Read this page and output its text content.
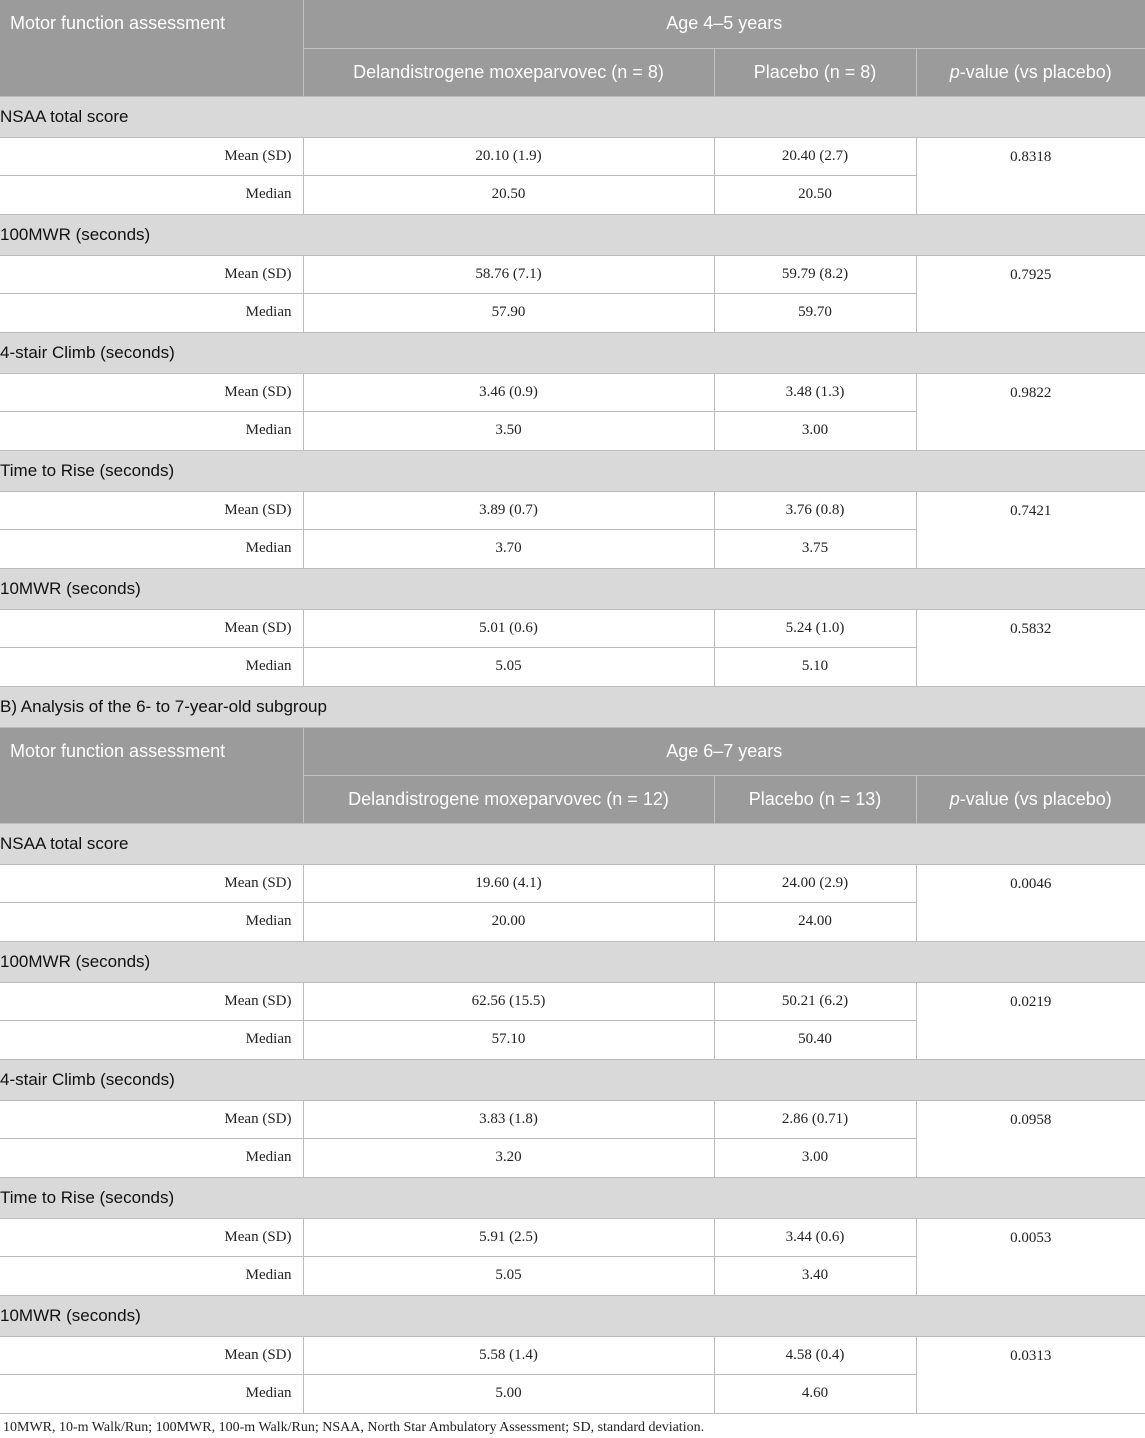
Motor function assessment	Age 4–5 years		
	Delandistrogene moxeparvovec (n = 8)	Placebo (n = 8)	p-value (vs placebo)
NSAA total score			
Mean (SD)	20.10 (1.9)	20.40 (2.7)	0.8318
Median	20.50	20.50	
100MWR (seconds)			
Mean (SD)	58.76 (7.1)	59.79 (8.2)	0.7925
Median	57.90	59.70	
4-stair Climb (seconds)			
Mean (SD)	3.46 (0.9)	3.48 (1.3)	0.9822
Median	3.50	3.00	
Time to Rise (seconds)			
Mean (SD)	3.89 (0.7)	3.76 (0.8)	0.7421
Median	3.70	3.75	
10MWR (seconds)			
Mean (SD)	5.01 (0.6)	5.24 (1.0)	0.5832
Median	5.05	5.10	
B) Analysis of the 6- to 7-year-old subgroup			
Motor function assessment	Age 6–7 years		
	Delandistrogene moxeparvovec (n = 12)	Placebo (n = 13)	p-value (vs placebo)
NSAA total score			
Mean (SD)	19.60 (4.1)	24.00 (2.9)	0.0046
Median	20.00	24.00	
100MWR (seconds)			
Mean (SD)	62.56 (15.5)	50.21 (6.2)	0.0219
Median	57.10	50.40	
4-stair Climb (seconds)			
Mean (SD)	3.83 (1.8)	2.86 (0.71)	0.0958
Median	3.20	3.00	
Time to Rise (seconds)			
Mean (SD)	5.91 (2.5)	3.44 (0.6)	0.0053
Median	5.05	3.40	
10MWR (seconds)			
Mean (SD)	5.58 (1.4)	4.58 (0.4)	0.0313
Median	5.00	4.60	
10MWR, 10-m Walk/Run; 100MWR, 100-m Walk/Run; NSAA, North Star Ambulatory Assessment; SD, standard deviation.
